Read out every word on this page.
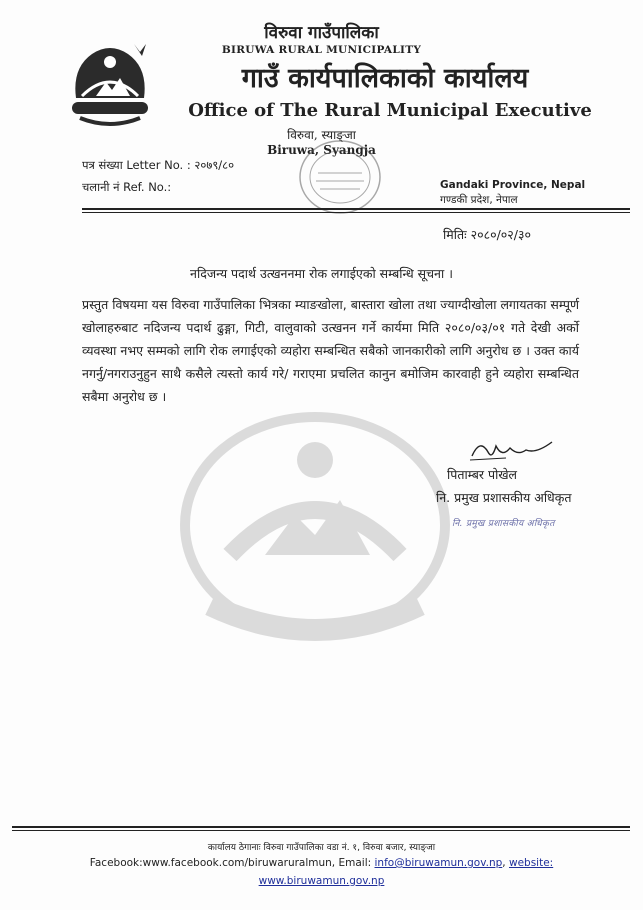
विरुवा गाउँपालिका
BIRUWA RURAL MUNICIPALITY
गाउँ कार्यपालिकाको कार्यालय
Office of The Rural Municipal Executive
विरुवा, स्याङ्‌जा
Biruwa, Syangja
पत्र संख्या Letter No. : २०७९/८०
चलानी नं Ref. No.:	Gandaki Province, Nepal
गण्डकी प्रदेश, नेपाल
मितिः २०८०/०२/३०
नदिजन्य पदार्थ उत्खननमा रोक लगाईएको सम्बन्धि सूचना ।
प्रस्तुत विषयमा यस विरुवा गाउँपालिका भित्रका म्याङखोला, बास्तारा खोला तथा ज्याग्दीखोला लगायतका सम्पूर्ण खोलाहरुबाट नदिजन्य पदार्थ ढुङ्गा, गिटी, वालुवाको उत्खनन गर्ने कार्यमा मिति २०८०/०३/०१ गते देखी अर्को व्यवस्था नभए सम्मको लागि रोक लगाईएको व्यहोरा सम्बन्धित सबैको जानकारीको लागि अनुरोध छ । उक्त कार्य नगर्नु/नगराउनुहुन साथै कसैले त्यस्तो कार्य गरे/ गराएमा प्रचलित कानुन बमोजिम कारवाही हुने व्यहोरा सम्बन्धित सबैमा अनुरोध छ ।
पिताम्बर पोखेल
नि. प्रमुख प्रशासकीय अधिकृत
नि. प्रमुख प्रशासकीय अधिकृत
कार्यालय ठेगानाः विरुवा गाउँपालिका वडा नं. १, विरुवा बजार, स्याङ्‌जा
Facebook:www.facebook.com/biruwaruralmun, Email: info@biruwamun.gov.np, website:
www.biruwamun.gov.np
